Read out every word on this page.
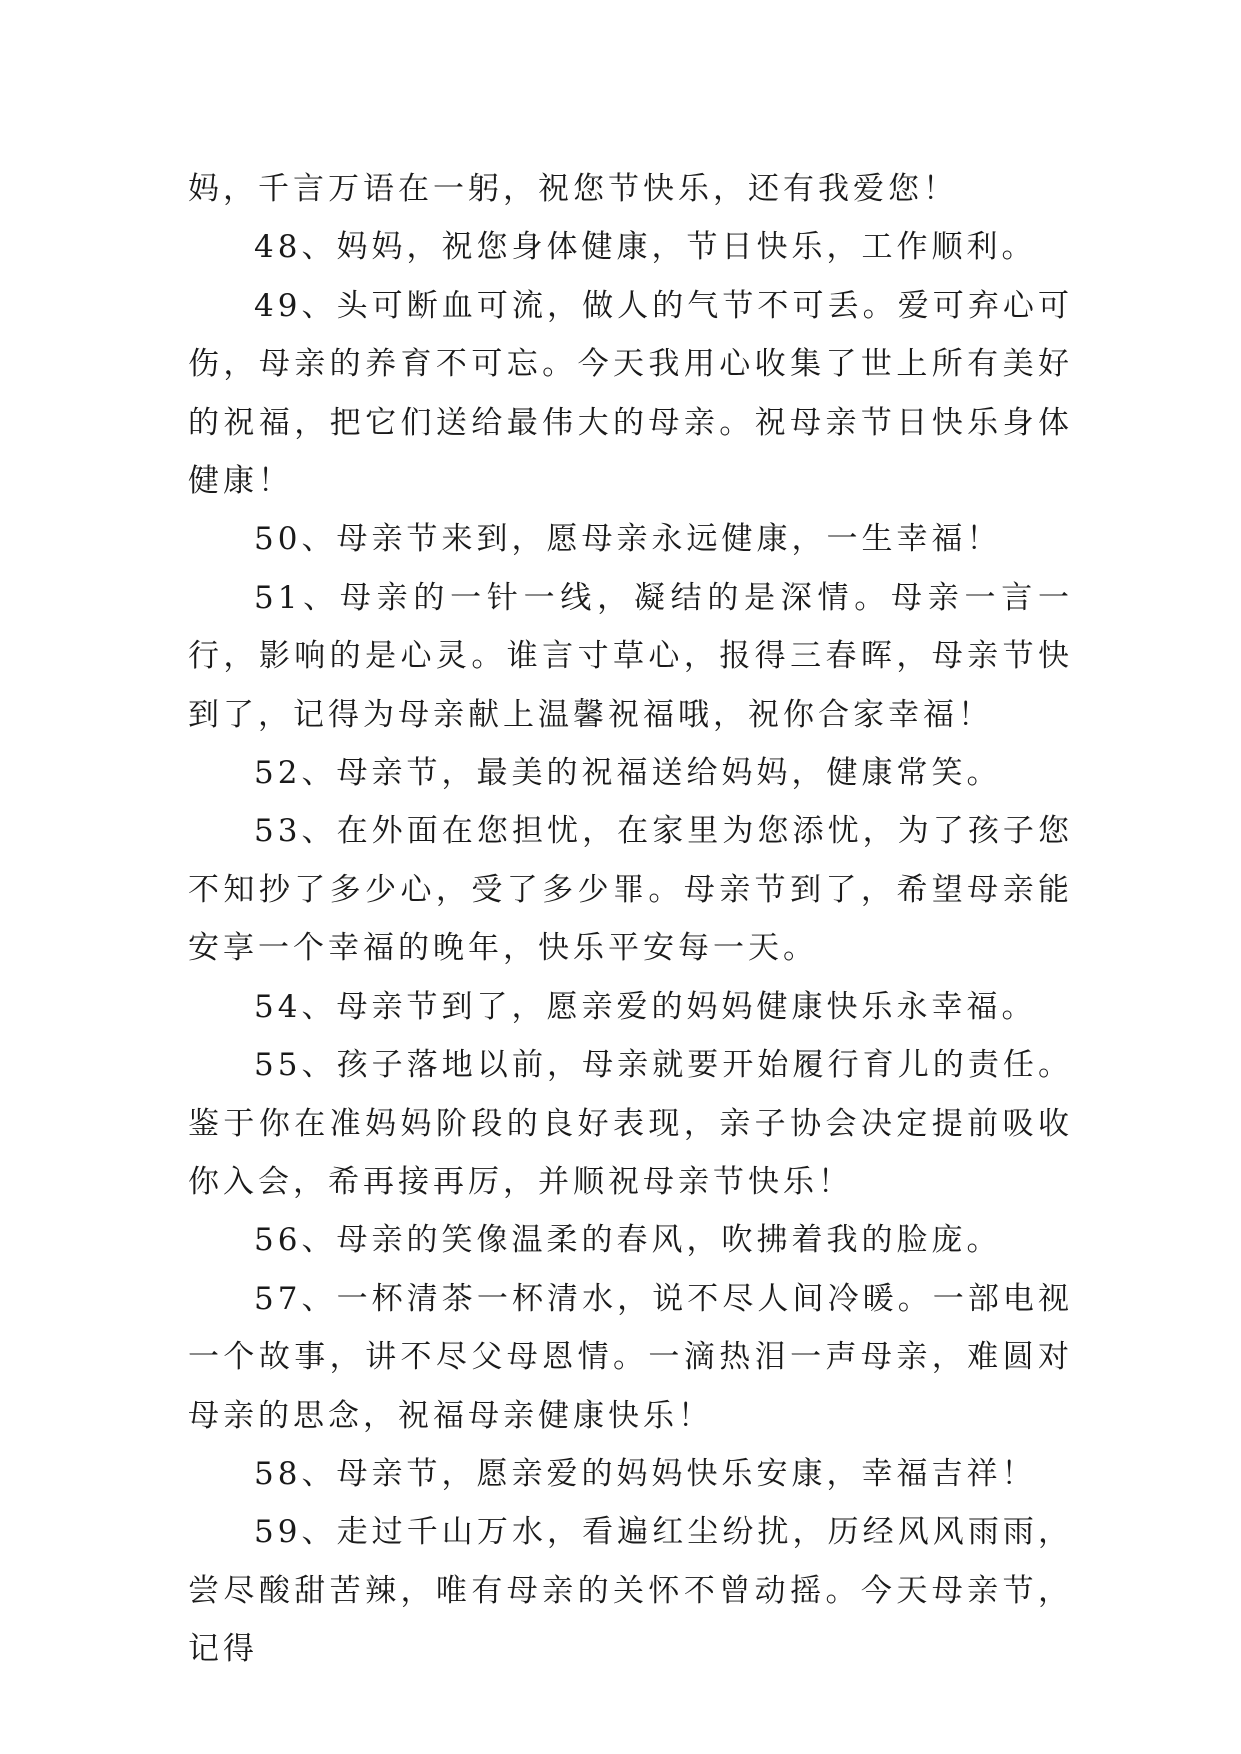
妈，千言万语在一躬，祝您节快乐，还有我爱您！

48、妈妈，祝您身体健康，节日快乐，工作顺利。

49、头可断血可流，做人的气节不可丢。爱可弃心可伤，母亲的养育不可忘。今天我用心收集了世上所有美好的祝福，把它们送给最伟大的母亲。祝母亲节日快乐身体健康！

50、母亲节来到，愿母亲永远健康，一生幸福！

51、母亲的一针一线，凝结的是深情。母亲一言一行，影响的是心灵。谁言寸草心，报得三春晖，母亲节快到了，记得为母亲献上温馨祝福哦，祝你合家幸福！

52、母亲节，最美的祝福送给妈妈，健康常笑。

53、在外面在您担忧，在家里为您添忧，为了孩子您不知抄了多少心，受了多少罪。母亲节到了，希望母亲能安享一个幸福的晚年，快乐平安每一天。

54、母亲节到了，愿亲爱的妈妈健康快乐永幸福。

55、孩子落地以前，母亲就要开始履行育儿的责任。鉴于你在准妈妈阶段的良好表现，亲子协会决定提前吸收你入会，希再接再厉，并顺祝母亲节快乐！

56、母亲的笑像温柔的春风，吹拂着我的脸庞。

57、一杯清茶一杯清水，说不尽人间冷暖。一部电视一个故事，讲不尽父母恩情。一滴热泪一声母亲，难圆对母亲的思念，祝福母亲健康快乐！

58、母亲节，愿亲爱的妈妈快乐安康，幸福吉祥！

59、走过千山万水，看遍红尘纷扰，历经风风雨雨，尝尽酸甜苦辣，唯有母亲的关怀不曾动摇。今天母亲节，记得
